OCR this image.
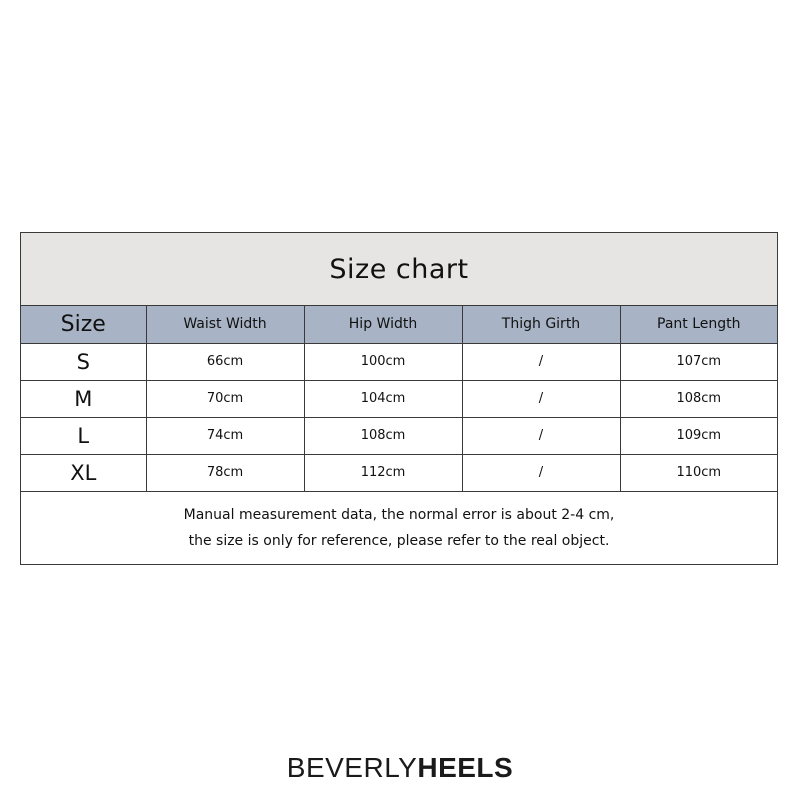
Size chart
Size	Waist Width	Hip Width	Thigh Girth	Pant Length
S	66cm	100cm	/	107cm
M	70cm	104cm	/	108cm
L	74cm	108cm	/	109cm
XL	78cm	112cm	/	110cm
Manual measurement data, the normal error is about 2-4 cm,
the size is only for reference, please refer to the real object.
BEVERLYHEELS
